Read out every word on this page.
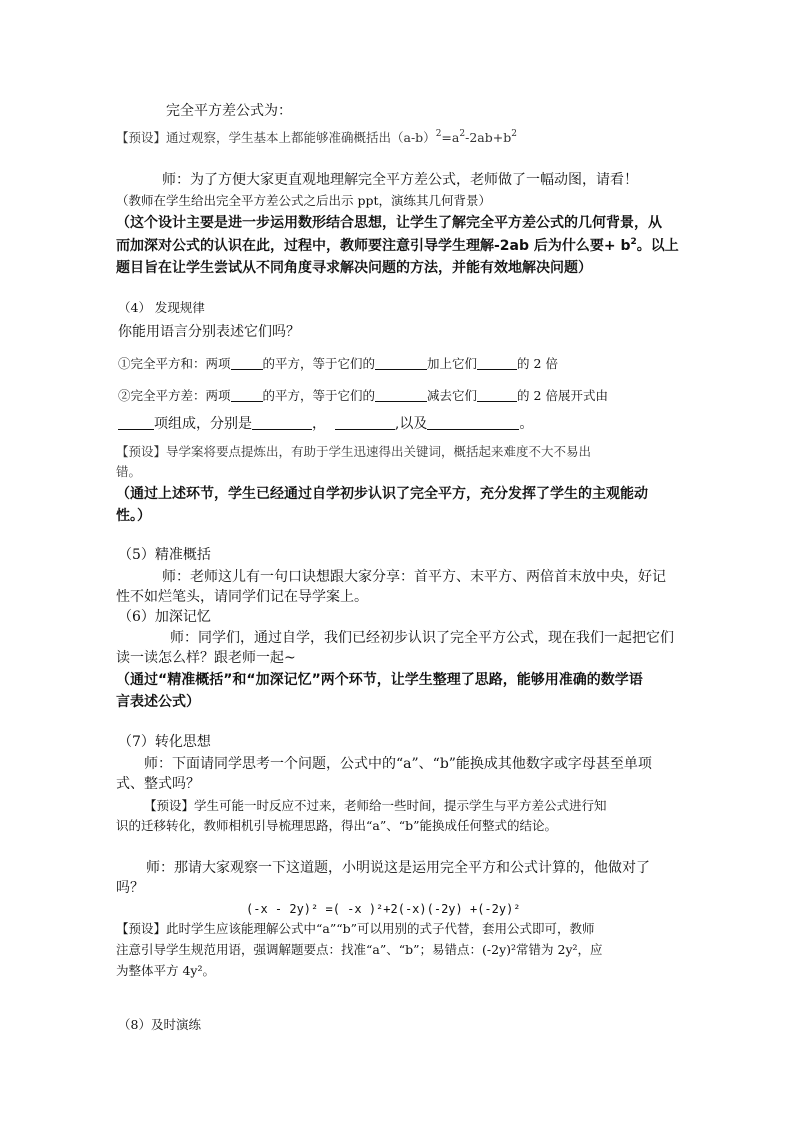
完全平方差公式为：
【预设】通过观察，学生基本上都能够准确概括出$(a-b)^2=a^2-2ab+b^2$
师：为了方便大家更直观地理解完全平方差公式，老师做了一幅动图，请看！
（教师在学生给出完全平方差公式之后出示 ppt，演练其几何背景）
（这个设计主要是进一步运用数形结合思想，让学生了解完全平方差公式的几何背景，从
而加深对公式的认识在此，过程中，教师要注意引导学生理解-2ab 后为什么要+ $b^2$。以上
题目旨在让学生尝试从不同角度寻求解决问题的方法，并能有效地解决问题）
（4） 发现规律
你能用语言分别表述它们吗？
①完全平方和：两项	的平方，等于它们的	加上它们	的 2 倍
②完全平方差：两项	的平方，等于它们的	减去它们	的 2 倍展开式由
项组成，分别是	，	,以及	。
【预设】导学案将要点提炼出，有助于学生迅速得出关键词，概括起来难度不大不易出
错。
（通过上述环节，学生已经通过自学初步认识了完全平方，充分发挥了学生的主观能动
性。）
（5）精准概括
师：老师这儿有一句口诀想跟大家分享：首平方、末平方、两倍首末放中央，好记
性不如烂笔头，请同学们记在导学案上。
（6）加深记忆
师：同学们，通过自学，我们已经初步认识了完全平方公式，现在我们一起把它们
读一读怎么样？跟老师一起~
（通过“精准概括”和“加深记忆”两个环节，让学生整理了思路，能够用准确的数学语
言表述公式）
（7）转化思想
师：下面请同学思考一个问题，公式中的“a”、“b”能换成其他数字或字母甚至单项
式、整式吗？
【预设】学生可能一时反应不过来，老师给一些时间，提示学生与平方差公式进行知
识的迁移转化，教师相机引导梳理思路，得出“a”、“b”能换成任何整式的结论。
师：那请大家观察一下这道题，小明说这是运用完全平方和公式计算的，他做对了
吗？
(-x - 2y)² =( -x )²+2(-x)(-2y) +(-2y)²
【预设】此时学生应该能理解公式中“a”“b”可以用别的式子代替，套用公式即可，教师
注意引导学生规范用语，强调解题要点：找准“a”、“b”；易错点：(-2y)²常错为 2y²，应
为整体平方 4y²。
（8）及时演练
